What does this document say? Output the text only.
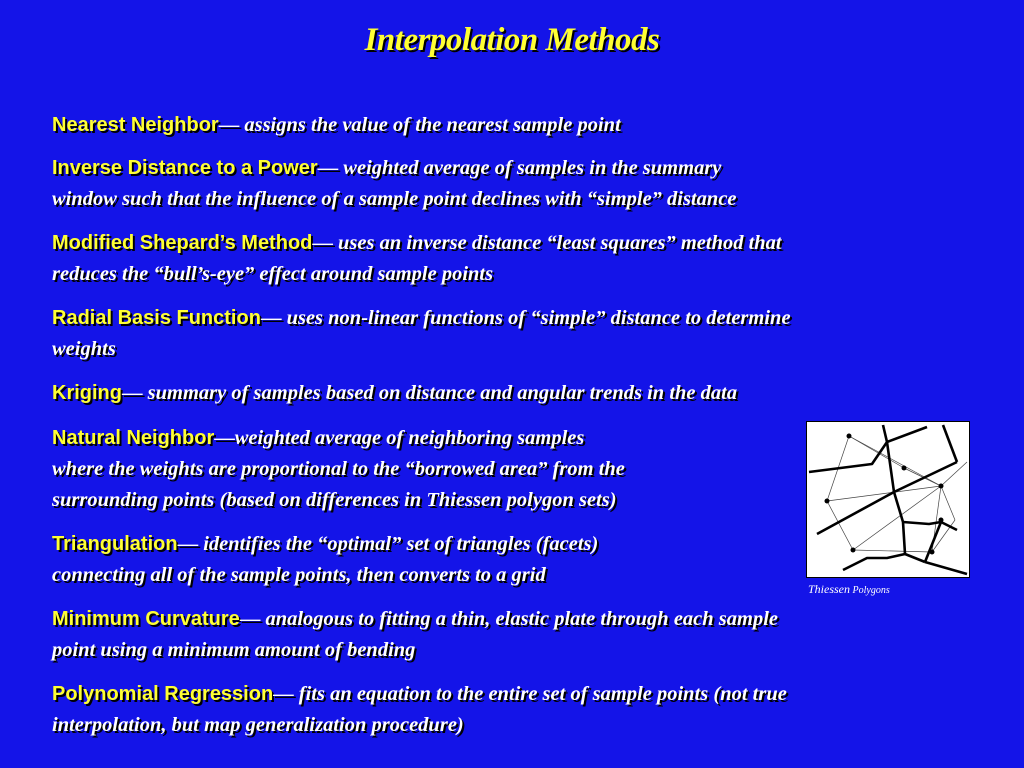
Interpolation Methods
Nearest Neighbor— assigns the value of the nearest sample point
Inverse Distance to a Power— weighted average of samples in the summary
window such that the influence of a sample point declines with “simple” distance
Modified Shepard’s Method— uses an inverse distance “least squares” method that
reduces the “bull’s-eye” effect around sample points
Radial Basis Function— uses non-linear functions of “simple” distance to determine
weights
Kriging— summary of samples based on distance and angular trends in the data
Natural Neighbor—weighted average of neighboring samples
where the weights are proportional to the “borrowed area” from the
surrounding points (based on differences in Thiessen polygon sets)
Triangulation— identifies the “optimal” set of triangles (facets)
connecting all of the sample points, then converts to a grid
Minimum Curvature— analogous to fitting a thin, elastic plate through each sample
point using a minimum amount of bending
Polynomial Regression— fits an equation to the entire set of sample points (not true
interpolation, but map generalization procedure)
Thiessen Polygons
